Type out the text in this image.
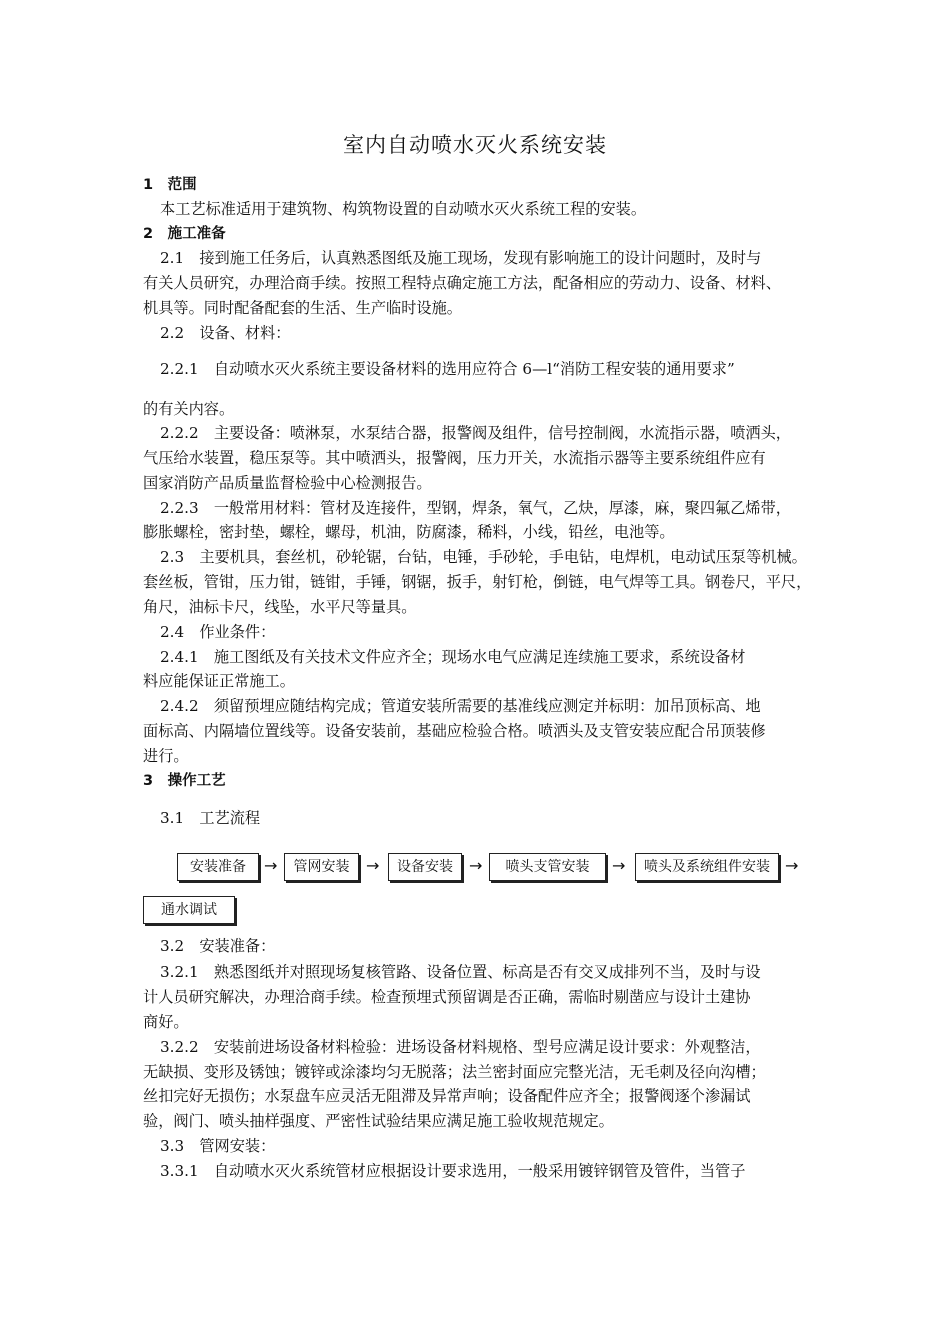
室内自动喷水灭火系统安装
1　范围
本工艺标准适用于建筑物、构筑物设置的自动喷水灭火系统工程的安装。
2　施工准备
2.1　接到施工任务后，认真熟悉图纸及施工现场，发现有影响施工的设计问题时，及时与
有关人员研究，办理洽商手续。按照工程特点确定施工方法，配备相应的劳动力、设备、材料、
机具等。同时配备配套的生活、生产临时设施。
2.2　设备、材料：
2.2.1　自动喷水灭火系统主要设备材料的选用应符合 6—l“消防工程安装的通用要求”
的有关内容。
2.2.2　主要设备：喷淋泵，水泵结合器，报警阀及组件，信号控制阀，水流指示器，喷洒头，
气压给水装置，稳压泵等。其中喷洒头，报警阀，压力开关，水流指示器等主要系统组件应有
国家消防产品质量监督检验中心检测报告。
2.2.3　一般常用材料：管材及连接件，型钢，焊条，氧气，乙炔，厚漆，麻，聚四氟乙烯带，
膨胀螺栓，密封垫，螺栓，螺母，机油，防腐漆，稀料，小线，铅丝，电池等。
2.3　主要机具，套丝机，砂轮锯，台钻，电锤，手砂轮，手电钻，电焊机，电动试压泵等机械。
套丝板，管钳，压力钳，链钳，手锤，钢锯，扳手，射钉枪，倒链，电气焊等工具。钢卷尺，平尺，
角尺，油标卡尺，线坠，水平尺等量具。
2.4　作业条件：
2.4.1　施工图纸及有关技术文件应齐全；现场水电气应满足连续施工要求，系统设备材
料应能保证正常施工。
2.4.2　须留预埋应随结构完成；管道安装所需要的基准线应测定并标明：加吊顶标高、地
面标高、内隔墙位置线等。设备安装前，基础应检验合格。喷洒头及支管安装应配合吊顶装修
进行。
3　操作工艺
3.1　工艺流程
安装准备	→	管网安装	→	设备安装	→	喷头支管安装	→	喷头及系统组件安装 →
通水调试
3.2　安装准备：
3.2.1　熟悉图纸并对照现场复核管路、设备位置、标高是否有交叉成排列不当，及时与设
计人员研究解决，办理洽商手续。检查预埋式预留调是否正确，需临时剔凿应与设计土建协
商好。
3.2.2　安装前进场设备材料检验：进场设备材料规格、型号应满足设计要求：外观整洁，
无缺损、变形及锈蚀；镀锌或涂漆均匀无脱落；法兰密封面应完整光洁，无毛刺及径向沟槽；
丝扣完好无损伤；水泵盘车应灵活无阻滞及异常声响；设备配件应齐全；报警阀逐个渗漏试
验，阀门、喷头抽样强度、严密性试验结果应满足施工验收规范规定。
3.3　管网安装：
3.3.1　自动喷水灭火系统管材应根据设计要求选用，一般采用镀锌钢管及管件，当管子
